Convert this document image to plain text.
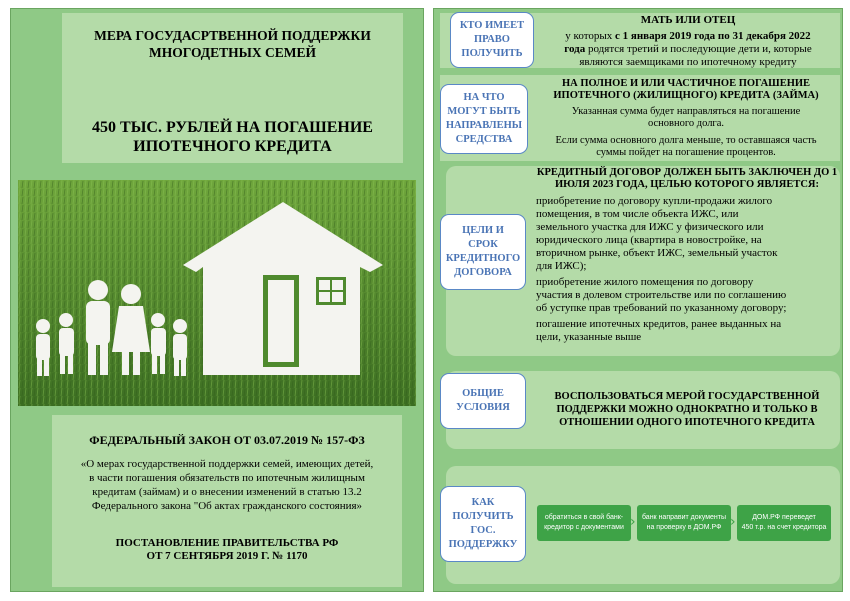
МЕРА ГОСУДАСРТВЕННОЙ ПОДДЕРЖКИ
МНОГОДЕТНЫХ СЕМЕЙ
450 ТЫС. РУБЛЕЙ НА ПОГАШЕНИЕ
ИПОТЕЧНОГО КРЕДИТА
ФЕДЕРАЛЬНЫЙ ЗАКОН ОТ 03.07.2019 № 157-ФЗ
«О мерах государственной поддержки семей, имеющих детей,
в части погашения обязательств по ипотечным жилищным
кредитам (займам) и о внесении изменений в статью 13.2
Федерального закона "Об актах гражданского состояния»
ПОСТАНОВЛЕНИЕ ПРАВИТЕЛЬСТВА РФ
ОТ 7 СЕНТЯБРЯ 2019 Г. № 1170
КТО ИМЕЕТ
ПРАВО
ПОЛУЧИТЬ
МАТЬ ИЛИ ОТЕЦ
у которых с 1 января 2019 года по 31 декабря 2022
года родятся третий и последующие дети и, которые
являются заемщиками по ипотечному кредиту
НА ЧТО
МОГУТ БЫТЬ
НАПРАВЛЕНЫ
СРЕДСТВА
НА ПОЛНОЕ И ИЛИ ЧАСТИЧНОЕ ПОГАШЕНИЕ
ИПОТЕЧНОГО (ЖИЛИЩНОГО) КРЕДИТА (ЗАЙМА)
Указанная сумма будет направляться на погашение
основного долга.
Если сумма основного долга меньше, то оставшаяся часть
суммы пойдет на погашение процентов.
ЦЕЛИ И
СРОК
КРЕДИТНОГО
ДОГОВОРА
КРЕДИТНЫЙ ДОГОВОР ДОЛЖЕН БЫТЬ ЗАКЛЮЧЕН ДО 1
ИЮЛЯ 2023 ГОДА, ЦЕЛЬЮ КОТОРОГО ЯВЛЯЕТСЯ:
приобретение по договору купли-продажи жилого
помещения, в том числе объекта ИЖС, или
земельного участка для ИЖС у физического или
юридического лица (квартира в новостройке, на
вторичном рынке, объект ИЖС, земельный участок
для ИЖС);
приобретение жилого помещения по договору
участия в долевом строительстве или по соглашению
об уступке прав требований по указанному договору;
погашение ипотечных кредитов, ранее выданных на
цели, указанные выше
ОБЩИЕ
УСЛОВИЯ
ВОСПОЛЬЗОВАТЬСЯ МЕРОЙ ГОСУДАРСТВЕННОЙ
ПОДДЕРЖКИ МОЖНО ОДНОКРАТНО И ТОЛЬКО В
ОТНОШЕНИИ ОДНОГО ИПОТЕЧНОГО КРЕДИТА
КАК
ПОЛУЧИТЬ
ГОС.
ПОДДЕРЖКУ
обратиться в свой банк-
кредитор с документами › банк направит документы
на проверку в ДОМ.РФ ›	ДОМ.РФ переведет
450 т.р. на счет кредитора
